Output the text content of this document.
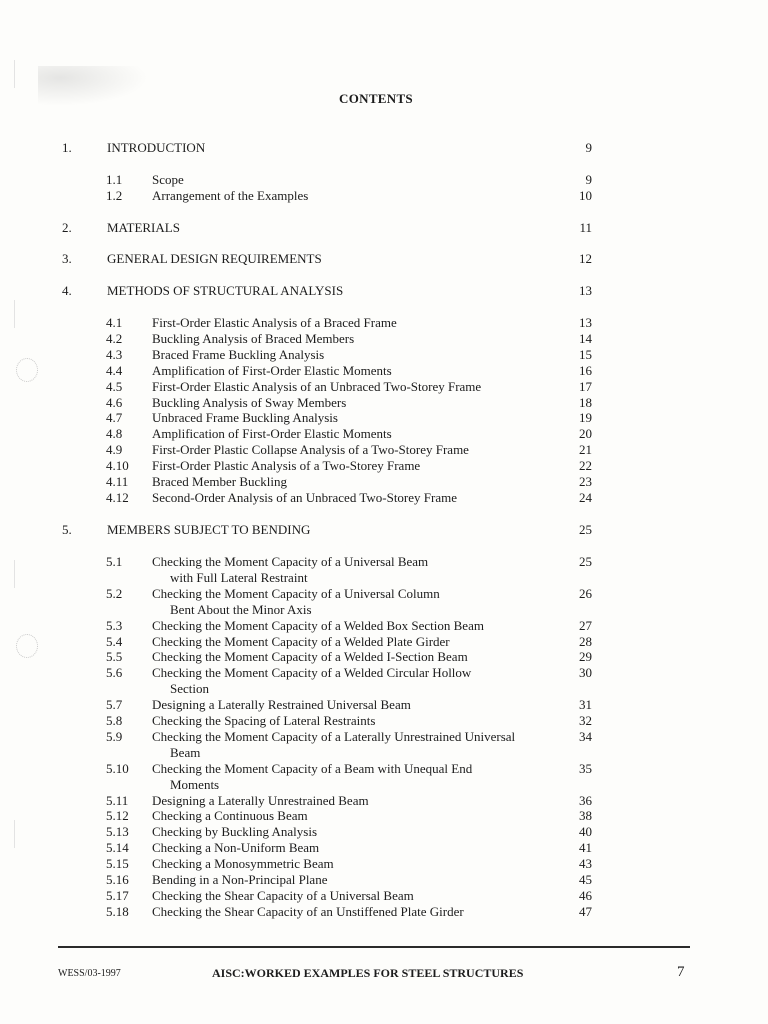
CONTENTS
1.	INTRODUCTION	9
1.1 Scope	9
1.2 Arrangement of the Examples	10
2.	MATERIALS	11
3.	GENERAL DESIGN REQUIREMENTS	12
4.	METHODS OF STRUCTURAL ANALYSIS	13
4.1 First-Order Elastic Analysis of a Braced Frame	13
4.2 Buckling Analysis of Braced Members	14
4.3 Braced Frame Buckling Analysis	15
4.4 Amplification of First-Order Elastic Moments	16
4.5 First-Order Elastic Analysis of an Unbraced Two-Storey Frame	17
4.6 Buckling Analysis of Sway Members	18
4.7 Unbraced Frame Buckling Analysis	19
4.8 Amplification of First-Order Elastic Moments	20
4.9 First-Order Plastic Collapse Analysis of a Two-Storey Frame	21
4.10 First-Order Plastic Analysis of a Two-Storey Frame	22
4.11 Braced Member Buckling	23
4.12 Second-Order Analysis of an Unbraced Two-Storey Frame	24
5.	MEMBERS SUBJECT TO BENDING	25
5.1 Checking the Moment Capacity of a Universal Beam	25
with Full Lateral Restraint
5.2 Checking the Moment Capacity of a Universal Column	26
Bent About the Minor Axis
5.3 Checking the Moment Capacity of a Welded Box Section Beam	27
5.4 Checking the Moment Capacity of a Welded Plate Girder	28
5.5 Checking the Moment Capacity of a Welded I-Section Beam	29
5.6 Checking the Moment Capacity of a Welded Circular Hollow	30
Section
5.7 Designing a Laterally Restrained Universal Beam	31
5.8 Checking the Spacing of Lateral Restraints	32
5.9 Checking the Moment Capacity of a Laterally Unrestrained Universal	34
Beam
5.10 Checking the Moment Capacity of a Beam with Unequal End	35
Moments
5.11 Designing a Laterally Unrestrained Beam	36
5.12 Checking a Continuous Beam	38
5.13 Checking by Buckling Analysis	40
5.14 Checking a Non-Uniform Beam	41
5.15 Checking a Monosymmetric Beam	43
5.16 Bending in a Non-Principal Plane	45
5.17 Checking the Shear Capacity of a Universal Beam	46
5.18 Checking the Shear Capacity of an Unstiffened Plate Girder	47
WESS/03-1997	AISC:WORKED EXAMPLES FOR STEEL STRUCTURES	7
